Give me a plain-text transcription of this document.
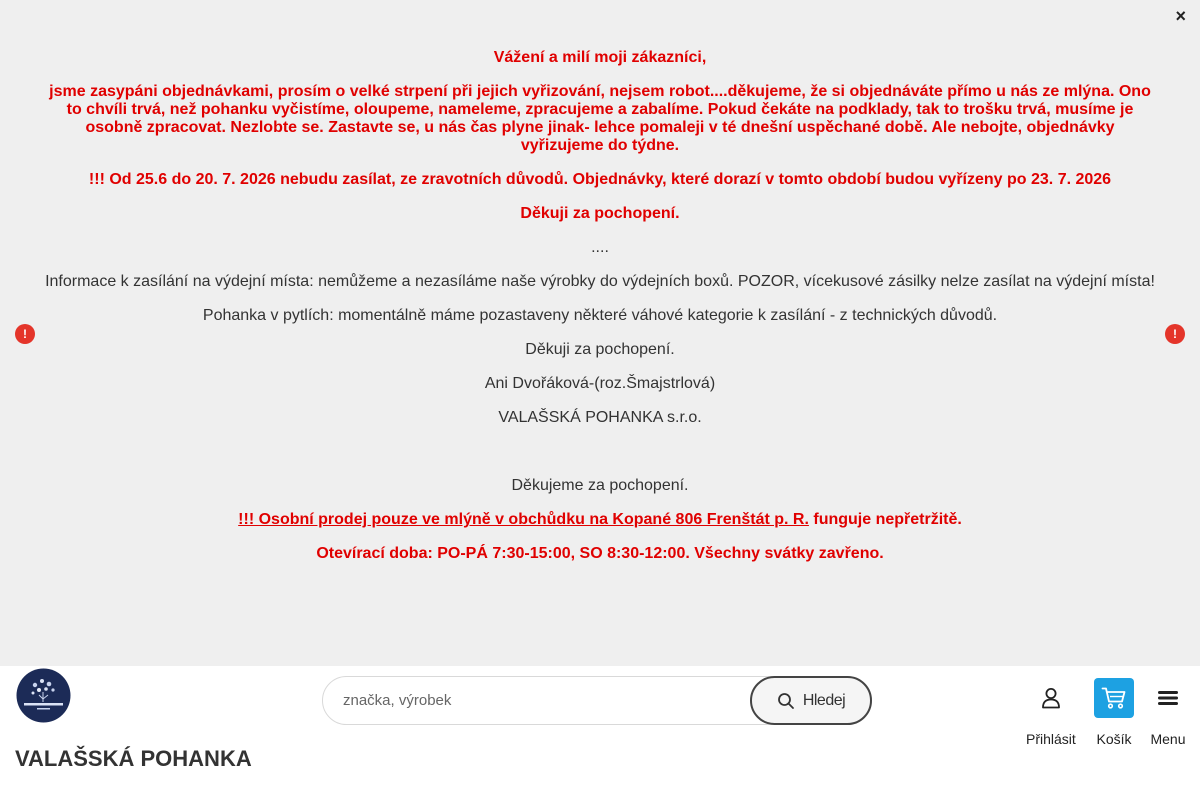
×
!	!

Vážení a milí moji zákazníci,

jsme zasypáni objednávkami, prosím o velké strpení při jejich vyřizování, nejsem robot....děkujeme, že si objednáváte přímo u nás ze mlýna. Ono to chvíli trvá, než pohanku vyčistíme, oloupeme, nameleme, zpracujeme a zabalíme. Pokud čekáte na podklady, tak to trošku trvá, musíme je osobně zpracovat. Nezlobte se. Zastavte se, u nás čas plyne jinak- lehce pomaleji v té dnešní uspěchané době. Ale nebojte, objednávky vyřizujeme do týdne.

!!! Od 25.6 do 20. 7. 2026 nebudu zasílat, ze zravotních důvodů. Objednávky, které dorazí v tomto období budou vyřízeny po 23. 7. 2026

Děkuji za pochopení.

....

Informace k zasílání na výdejní místa: nemůžeme a nezasíláme naše výrobky do výdejních boxů. POZOR, vícekusové zásilky nelze zasílat na výdejní místa!

Pohanka v pytlích: momentálně máme pozastaveny některé váhové kategorie k zasílání - z technických důvodů.

Děkuji za pochopení.

Ani Dvořáková-(roz.Šmajstrlová)

VALAŠSKÁ POHANKA s.r.o.

Děkujeme za pochopení.

!!! Osobní prodej pouze ve mlýně v obchůdku na Kopané 806 Frenštát p. R. funguje nepřetržitě.

Otevírací doba: PO-PÁ 7:30-15:00, SO 8:30-12:00. Všechny svátky zavřeno.

VALAŠSKÁ POHANKA
značka, výrobek
Hledej
Přihlásit Košík Menu
